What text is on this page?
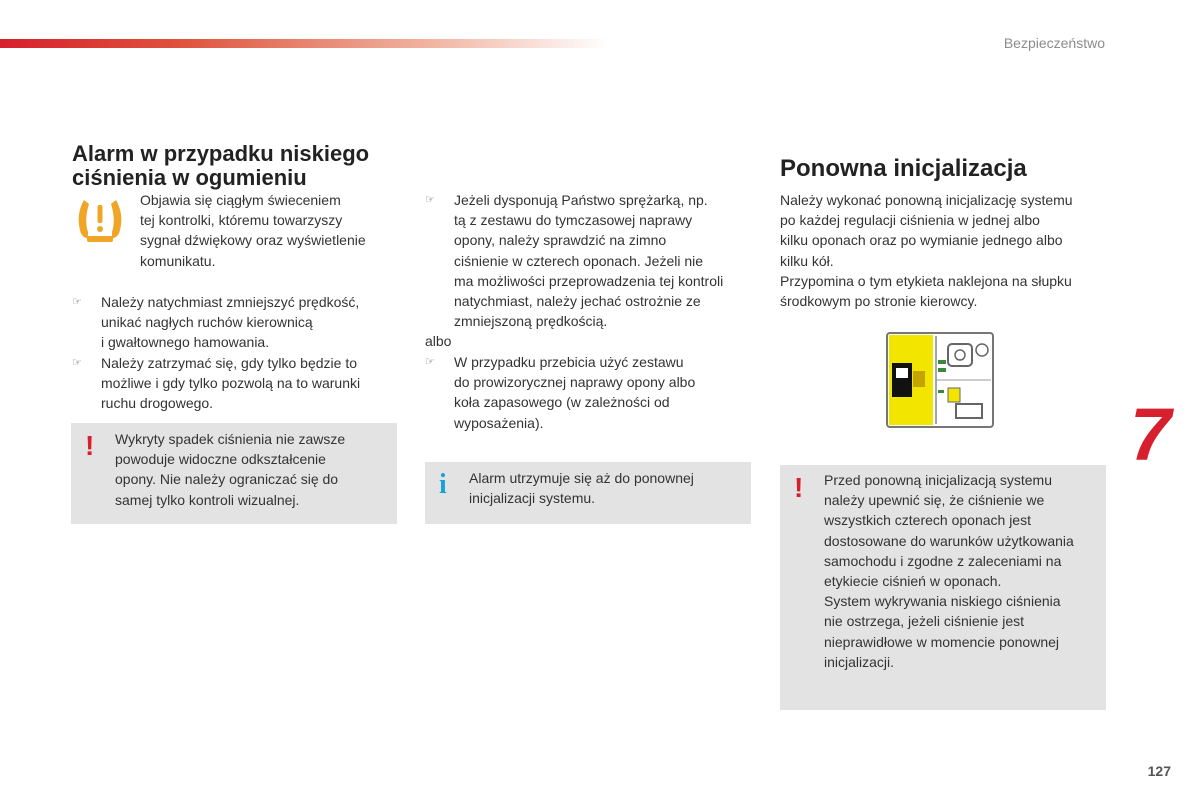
Bezpieczeństwo
Alarm w przypadku niskiego
ciśnienia w ogumieniu
Objawia się ciągłym świeceniem
tej kontrolki, któremu towarzyszy
sygnał dźwiękowy oraz wyświetlenie
komunikatu.
☞ Należy natychmiast zmniejszyć prędkość,
unikać nagłych ruchów kierownicą
i gwałtownego hamowania.
☞ Należy zatrzymać się, gdy tylko będzie to
możliwe i gdy tylko pozwolą na to warunki
ruchu drogowego.
! Wykryty spadek ciśnienia nie zawsze
powoduje widoczne odkształcenie
opony. Nie należy ograniczać się do
samej tylko kontroli wizualnej.
☞ Jeżeli dysponują Państwo sprężarką, np.
tą z zestawu do tymczasowej naprawy
opony, należy sprawdzić na zimno
ciśnienie w czterech oponach. Jeżeli nie
ma możliwości przeprowadzenia tej kontroli
natychmiast, należy jechać ostrożnie ze
zmniejszoną prędkością.
albo
☞ W przypadku przebicia użyć zestawu
do prowizorycznej naprawy opony albo
koła zapasowego (w zależności od
wyposażenia).
i Alarm utrzymuje się aż do ponownej
inicjalizacji systemu.
Ponowna inicjalizacja
Należy wykonać ponowną inicjalizację systemu
po każdej regulacji ciśnienia w jednej albo
kilku oponach oraz po wymianie jednego albo
kilku kół.
Przypomina o tym etykieta naklejona na słupku
środkowym po stronie kierowcy.
! Przed ponowną inicjalizacją systemu
należy upewnić się, że ciśnienie we
wszystkich czterech oponach jest
dostosowane do warunków użytkowania
samochodu i zgodne z zaleceniami na
etykiecie ciśnień w oponach.
System wykrywania niskiego ciśnienia
nie ostrzega, jeżeli ciśnienie jest
nieprawidłowe w momencie ponownej
inicjalizacji.
7
127
